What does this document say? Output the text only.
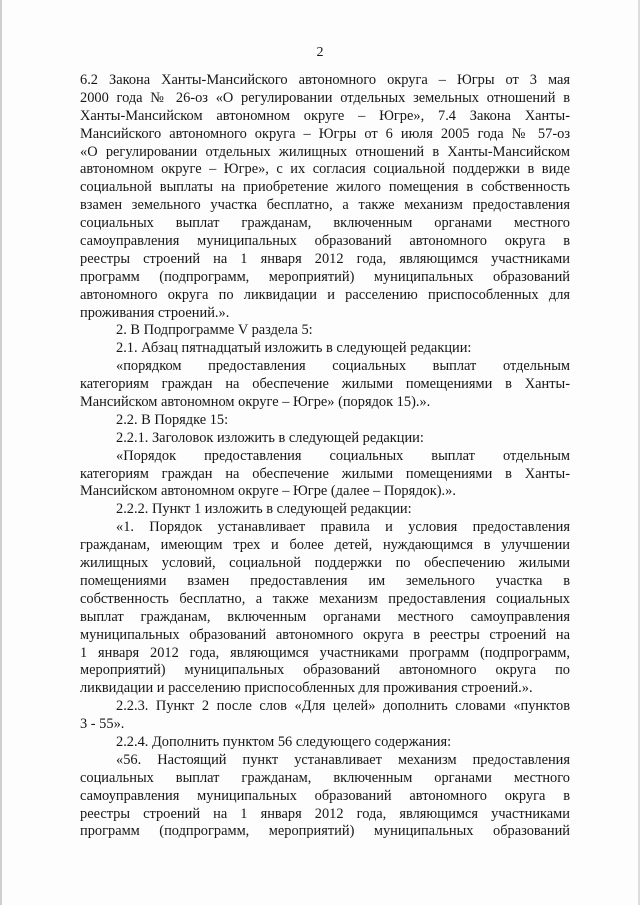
2
6.2 Закона Ханты-Мансийского автономного округа – Югры от 3 мая
2000 года № 26-оз «О регулировании отдельных земельных отношений в
Ханты-Мансийском автономном округе – Югре», 7.4 Закона Ханты-
Мансийского автономного округа – Югры от 6 июля 2005 года № 57-оз
«О регулировании отдельных жилищных отношений в Ханты-Мансийском
автономном округе – Югре», с их согласия социальной поддержки в виде
социальной выплаты на приобретение жилого помещения в собственность
взамен земельного участка бесплатно, а также механизм предоставления
социальных выплат гражданам, включенным органами местного
самоуправления муниципальных образований автономного округа в
реестры строений на 1 января 2012 года, являющимся участниками
программ (подпрограмм, мероприятий) муниципальных образований
автономного округа по ликвидации и расселению приспособленных для
проживания строений.».
2. В Подпрограмме V раздела 5:
2.1. Абзац пятнадцатый изложить в следующей редакции:
«порядком предоставления социальных выплат отдельным
категориям граждан на обеспечение жилыми помещениями в Ханты-
Мансийском автономном округе – Югре» (порядок 15).».
2.2. В Порядке 15:
2.2.1. Заголовок изложить в следующей редакции:
«Порядок предоставления социальных выплат отдельным
категориям граждан на обеспечение жилыми помещениями в Ханты-
Мансийском автономном округе – Югре (далее – Порядок).».
2.2.2. Пункт 1 изложить в следующей редакции:
«1. Порядок устанавливает правила и условия предоставления
гражданам, имеющим трех и более детей, нуждающимся в улучшении
жилищных условий, социальной поддержки по обеспечению жилыми
помещениями взамен предоставления им земельного участка в
собственность бесплатно, а также механизм предоставления социальных
выплат гражданам, включенным органами местного самоуправления
муниципальных образований автономного округа в реестры строений на
1 января 2012 года, являющимся участниками программ (подпрограмм,
мероприятий) муниципальных образований автономного округа по
ликвидации и расселению приспособленных для проживания строений.».
2.2.3. Пункт 2 после слов «Для целей» дополнить словами «пунктов
3 - 55».
2.2.4. Дополнить пунктом 56 следующего содержания:
«56. Настоящий пункт устанавливает механизм предоставления
социальных выплат гражданам, включенным органами местного
самоуправления муниципальных образований автономного округа в
реестры строений на 1 января 2012 года, являющимся участниками
программ (подпрограмм, мероприятий) муниципальных образований
